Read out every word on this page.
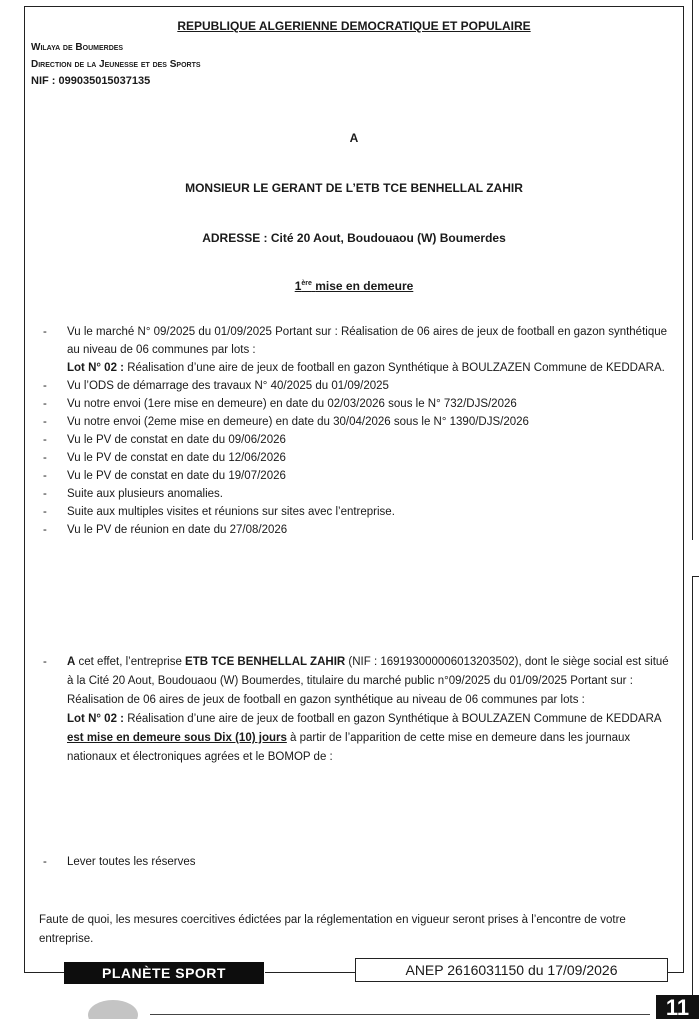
REPUBLIQUE ALGERIENNE DEMOCRATIQUE ET POPULAIRE
Wilaya de Boumerdes
Direction de la Jeunesse et des Sports
NIF : 099035015037135
A
MONSIEUR LE GERANT DE L’ETB TCE BENHELLAL ZAHIR
ADRESSE : Cité 20 Aout, Boudouaou (W) Boumerdes
1ère mise en demeure
- Vu le marché N° 09/2025 du 01/09/2025 Portant sur : Réalisation de 06 aires de jeux de football en gazon synthétique au niveau de 06 communes par lots :
Lot N° 02 : Réalisation d’une aire de jeux de football en gazon Synthétique à BOULZAZEN Commune de KEDDARA.
- Vu l’ODS de démarrage des travaux N° 40/2025 du 01/09/2025
- Vu notre envoi (1ere mise en demeure) en date du 02/03/2026 sous le N° 732/DJS/2026
- Vu notre envoi (2eme mise en demeure) en date du 30/04/2026 sous le N° 1390/DJS/2026
- Vu le PV de constat en date du 09/06/2026
- Vu le PV de constat en date du 12/06/2026
- Vu le PV de constat en date du 19/07/2026
- Suite aux plusieurs anomalies.
- Suite aux multiples visites et réunions sur sites avec l’entreprise.
- Vu le PV de réunion en date du 27/08/2026
- A cet effet, l’entreprise ETB TCE BENHELLAL ZAHIR (NIF : 169193000006013203502), dont le siège social est situé à la Cité 20 Aout, Boudouaou (W) Boumerdes, titulaire du marché public n°09/2025 du 01/09/2025 Portant sur : Réalisation de 06 aires de jeux de football en gazon synthétique au niveau de 06 communes par lots :
Lot N° 02 : Réalisation d’une aire de jeux de football en gazon Synthétique à BOULZAZEN Commune de KEDDARA est mise en demeure sous Dix (10) jours à partir de l’apparition de cette mise en demeure dans les journaux nationaux et électroniques agrées et le BOMOP de :
- Lever toutes les réserves
Faute de quoi, les mesures coercitives édictées par la réglementation en vigueur seront prises à l’encontre de votre entreprise.
PLANÈTE SPORT	ANEP 2616031150 du 17/09/2026
11
